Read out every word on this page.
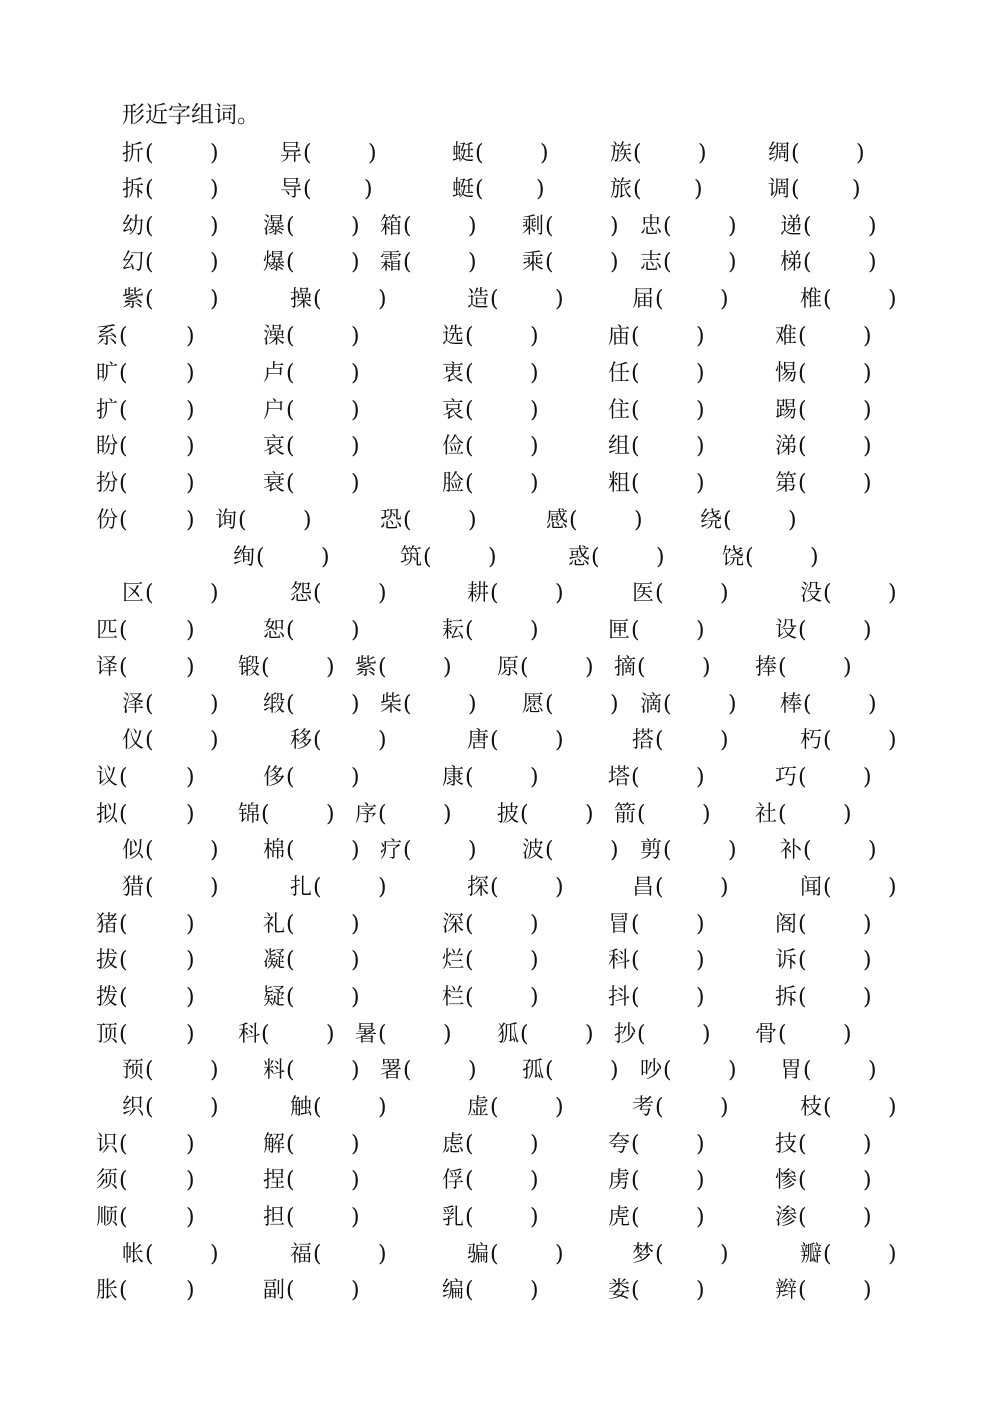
形近字组词。
折(	)	异(	)	蜓(	)	族(	)	绸(	)
拆(	)	导( )	蜓( )	旅( )	调( )
幼(	) 瀑(	) 箱(	) 剩(	) 忠(	) 递(	)
幻(	) 爆(	) 霜(	) 乘(	) 志(	) 梯(	)
紫(	)	操(	)	造(	)	届(	)	椎(	)
系(	)	澡(	)	选(	)	庙(	)	难(	)
旷(	)	卢(	)	衷(	)	任(	)	惕(	)
扩(	)	户(	)	哀(	)	住(	)	踢(	)
盼(	)	哀(	)	俭(	)	组(	)	涕(	)
扮(	)	衰(	)	脸(	)	粗(	)	第(	)
份(	) 询(	)	恐(	)	感(	)	绕(	)
绚(	)	筑(	)	惑(	)	饶(	)
区(	)	怨(	)	耕(	)	医(	)	没(	)
匹(	)	恕(	)	耘(	)	匣(	)	设(	)
译(	) 锻(	) 紫(	) 原(	) 摘(	) 捧(	)
泽(	) 缎(	) 柴(	) 愿(	) 滴(	) 棒(	)
仪(	)	移(	)	唐(	)	搭(	)	朽(	)
议(	)	侈(	)	康(	)	塔(	)	巧(	)
拟(	) 锦(	) 序(	) 披(	) 箭(	) 社(	)
似(	) 棉(	) 疗(	) 波(	) 剪(	) 补(	)
猎(	)	扎(	)	探(	)	昌(	)	闻(	)
猪(	)	礼(	)	深(	)	冒(	)	阁(	)
拔(	)	凝(	)	烂(	)	科(	)	诉(	)
拨(	)	疑(	)	栏(	)	抖(	)	拆(	)
顶(	) 科(	) 暑(	) 狐(	) 抄(	) 骨(	)
预(	) 料(	) 署(	) 孤(	) 吵(	) 胃(	)
织(	)	触(	)	虚(	)	考(	)	枝(	)
识(	)	解(	)	虑(	)	夸(	)	技(	)
须(	)	捏(	)	俘(	)	虏(	)	惨(	)
顺(	)	担(	)	乳(	)	虎(	)	渗(	)
帐(	)	福(	)	骗(	)	梦(	)	瓣(	)
胀(	)	副(	)	编(	)	娄(	)	辫(	)
